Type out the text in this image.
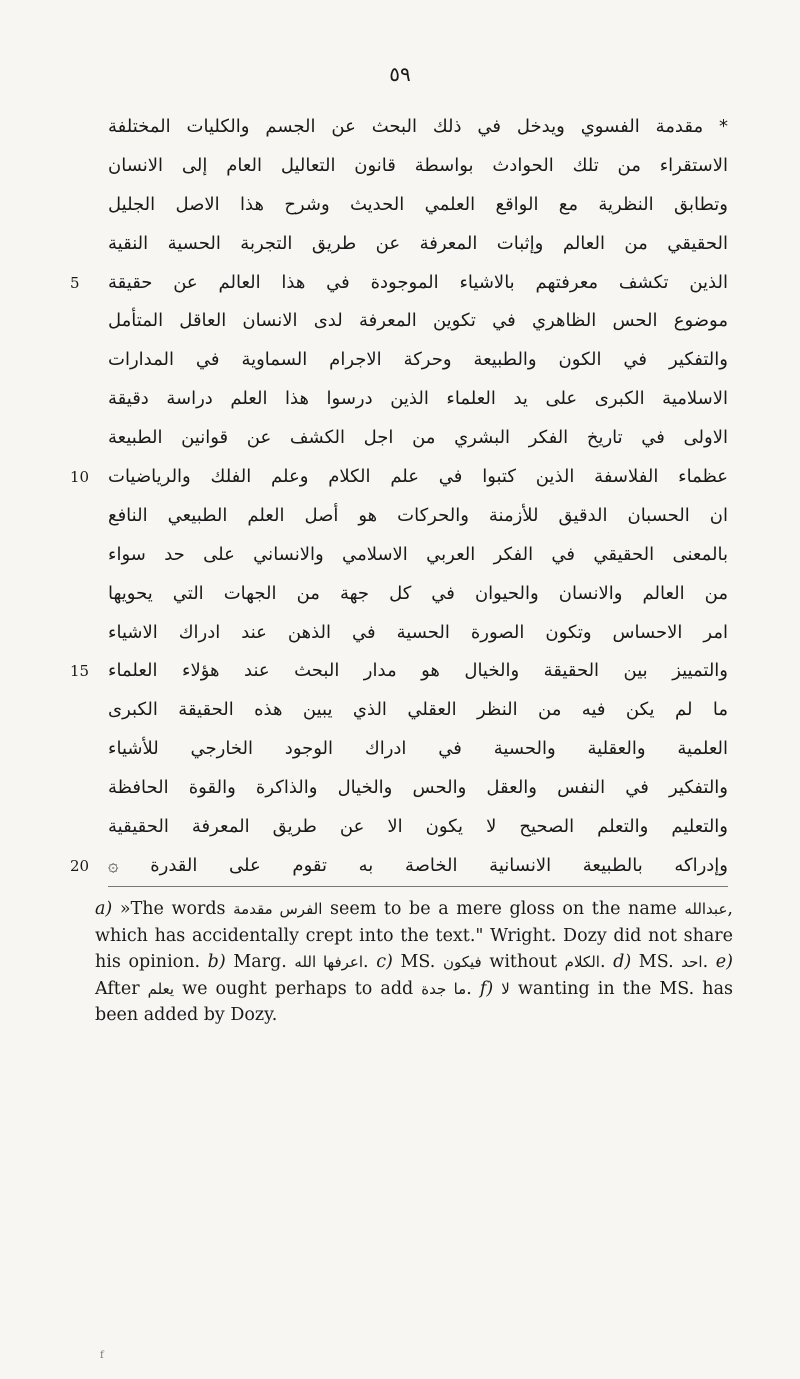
٥٩
* مقدمة الفسوي ويدخل في ذلك البحث عن الجسم والكليات المختلفة
الاستقراء من تلك الحوادث بواسطة قانون التعاليل العام إلى الانسان
وتطابق النظرية مع الواقع العلمي الحديث وشرح هذا الاصل الجليل
الحقيقي من العالم وإثبات المعرفة عن طريق التجربة الحسية النقية
الذين تكشف معرفتهم بالاشياء الموجودة في هذا العالم عن حقيقة
5
موضوع الحس الظاهري في تكوين المعرفة لدى الانسان العاقل المتأمل
والتفكير في الكون والطبيعة وحركة الاجرام السماوية في المدارات
الاسلامية الكبرى على يد العلماء الذين درسوا هذا العلم دراسة دقيقة
الاولى في تاريخ الفكر البشري من اجل الكشف عن قوانين الطبيعة
عظماء الفلاسفة الذين كتبوا في علم الكلام وعلم الفلك والرياضيات
10
ان الحسبان الدقيق للأزمنة والحركات هو أصل العلم الطبيعي النافع
بالمعنى الحقيقي في الفكر العربي الاسلامي والانساني على حد سواء
من العالم والانسان والحيوان في كل جهة من الجهات التي يحويها
امر الاحساس وتكون الصورة الحسية في الذهن عند ادراك الاشياء
والتمييز بين الحقيقة والخيال هو مدار البحث عند هؤلاء العلماء
15
ما لم يكن فيه من النظر العقلي الذي يبين هذه الحقيقة الكبرى
العلمية والعقلية والحسية في ادراك الوجود الخارجي للأشياء
والتفكير في النفس والعقل والحس والخيال والذاكرة والقوة الحافظة
والتعليم والتعلم الصحيح لا يكون الا عن طريق المعرفة الحقيقية
وإدراكه بالطبيعة الانسانية الخاصة به تقوم على القدرة ۞
20

a) »The words الفرس مقدمة seem to be a mere gloss on the name عبدالله, which has accidentally crept into the text." Wright. Dozy did not share his opinion. b) Marg. اعرفها الله. c) MS. فيكون without الكلام. d) MS. احد. e) After يعلم we ought perhaps to add ما جدة. f) لا wanting in the MS. has been added by Dozy.

f
